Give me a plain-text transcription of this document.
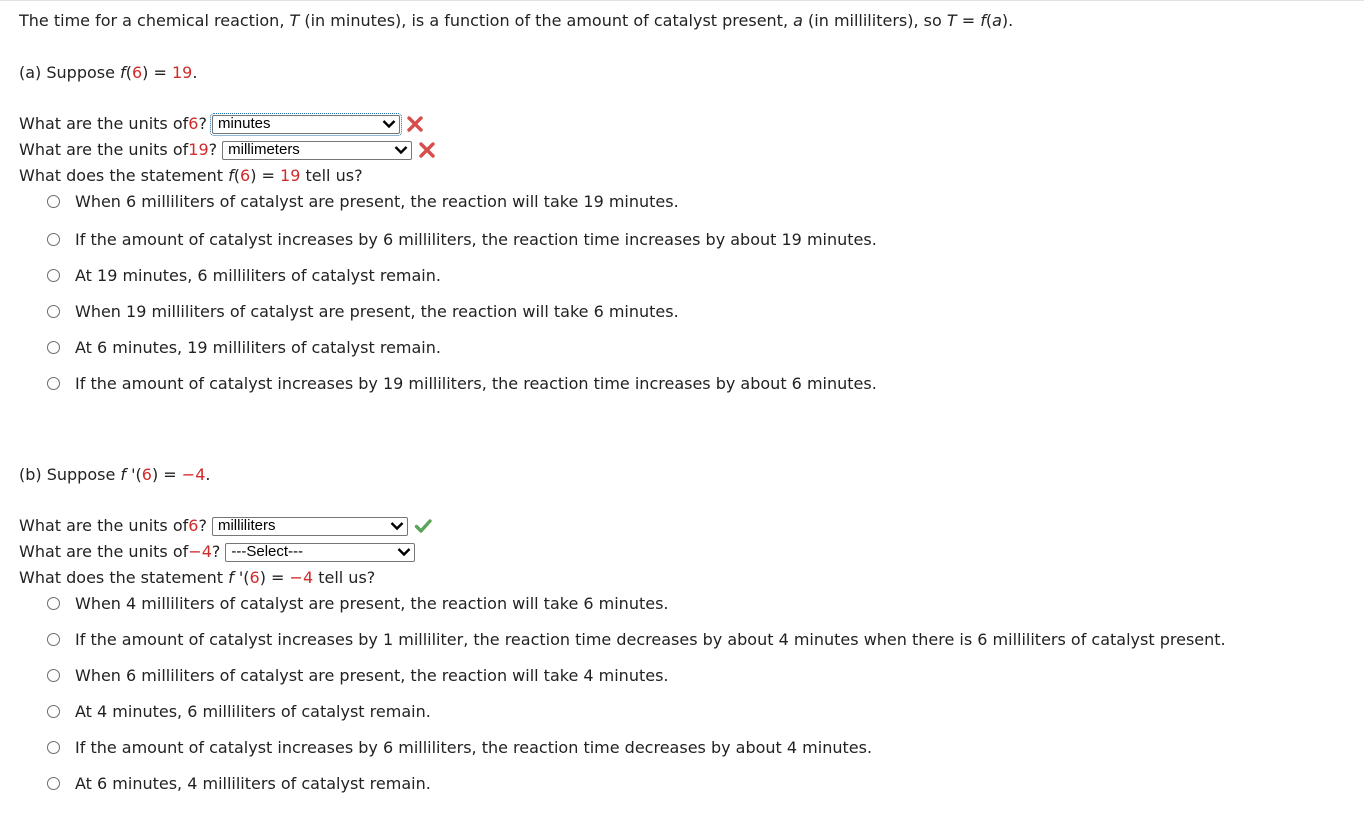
The time for a chemical reaction, T (in minutes), is a function of the amount of catalyst present, a (in milliliters), so T = f(a).
(a) Suppose f(6) = 19.
What are the units of 6 ? minutes
What are the units of 19 ? millimeters
What does the statement f(6) = 19 tell us?
When 6 milliliters of catalyst are present, the reaction will take 19 minutes.
If the amount of catalyst increases by 6 milliliters, the reaction time increases by about 19 minutes.
At 19 minutes, 6 milliliters of catalyst remain.
When 19 milliliters of catalyst are present, the reaction will take 6 minutes.
At 6 minutes, 19 milliliters of catalyst remain.
If the amount of catalyst increases by 19 milliliters, the reaction time increases by about 6 minutes.
(b) Suppose f '(6) = −4.
What are the units of 6 ? milliliters
What are the units of −4 ? ---Select---
What does the statement f '(6) = −4 tell us?
When 4 milliliters of catalyst are present, the reaction will take 6 minutes.
If the amount of catalyst increases by 1 milliliter, the reaction time decreases by about 4 minutes when there is 6 milliliters of catalyst present.
When 6 milliliters of catalyst are present, the reaction will take 4 minutes.
At 4 minutes, 6 milliliters of catalyst remain.
If the amount of catalyst increases by 6 milliliters, the reaction time decreases by about 4 minutes.
At 6 minutes, 4 milliliters of catalyst remain.
